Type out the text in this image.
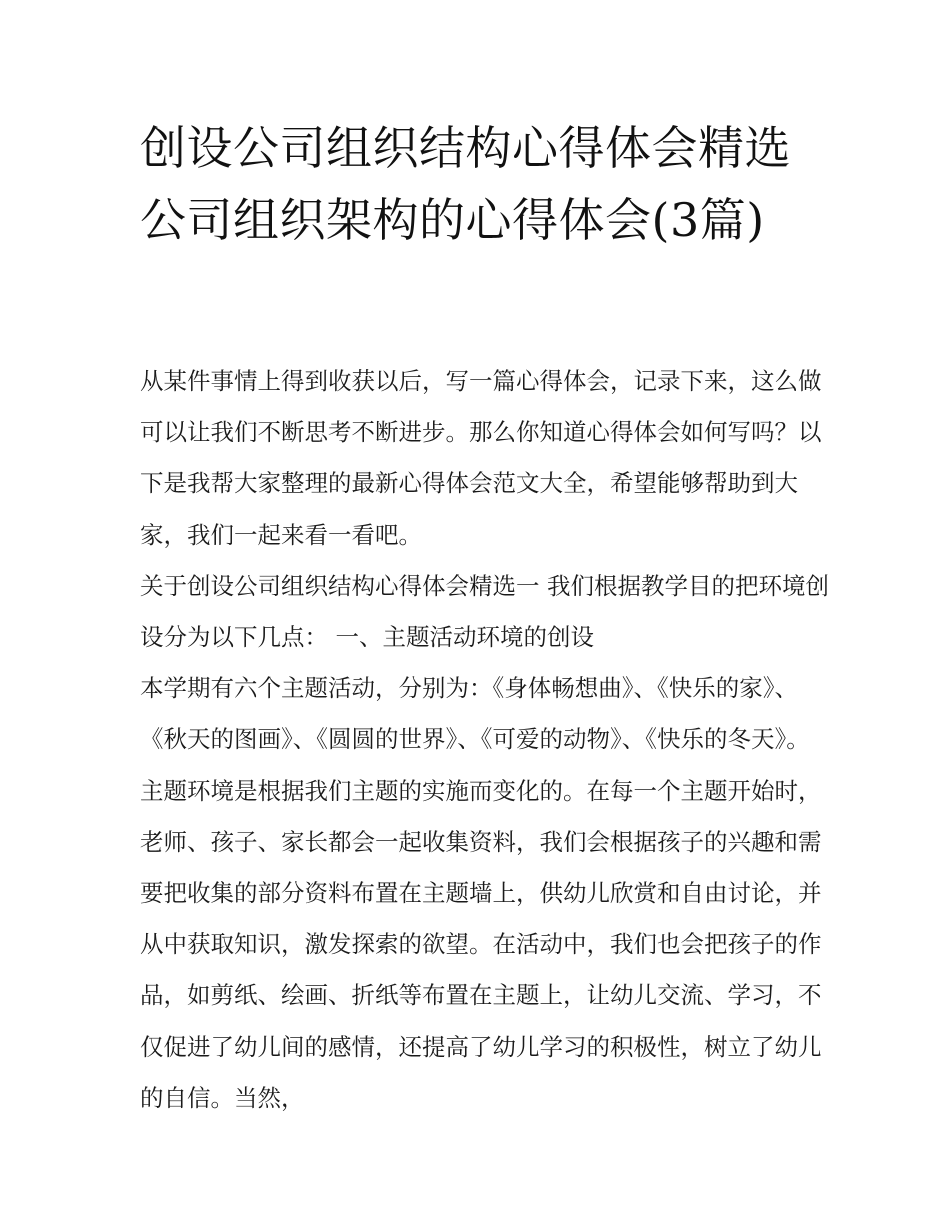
创设公司组织结构心得体会精选 公司组织架构的心得体会(3篇)

从某件事情上得到收获以后，写一篇心得体会，记录下来，这么做可以让我们不断思考不断进步。那么你知道心得体会如何写吗？以下是我帮大家整理的最新心得体会范文大全，希望能够帮助到大家，我们一起来看一看吧。

关于创设公司组织结构心得体会精选一 我们根据教学目的把环境创设分为以下几点： 一、主题活动环境的创设

本学期有六个主题活动，分别为：《身体畅想曲》、《快乐的家》、《秋天的图画》、《圆圆的世界》、《可爱的动物》、《快乐的冬天》。主题环境是根据我们主题的实施而变化的。在每一个主题开始时，老师、孩子、家长都会一起收集资料，我们会根据孩子的兴趣和需要把收集的部分资料布置在主题墙上，供幼儿欣赏和自由讨论，并从中获取知识，激发探索的欲望。在活动中，我们也会把孩子的作品，如剪纸、绘画、折纸等布置在主题上，让幼儿交流、学习，不仅促进了幼儿间的感情，还提高了幼儿学习的积极性，树立了幼儿的自信。当然，
